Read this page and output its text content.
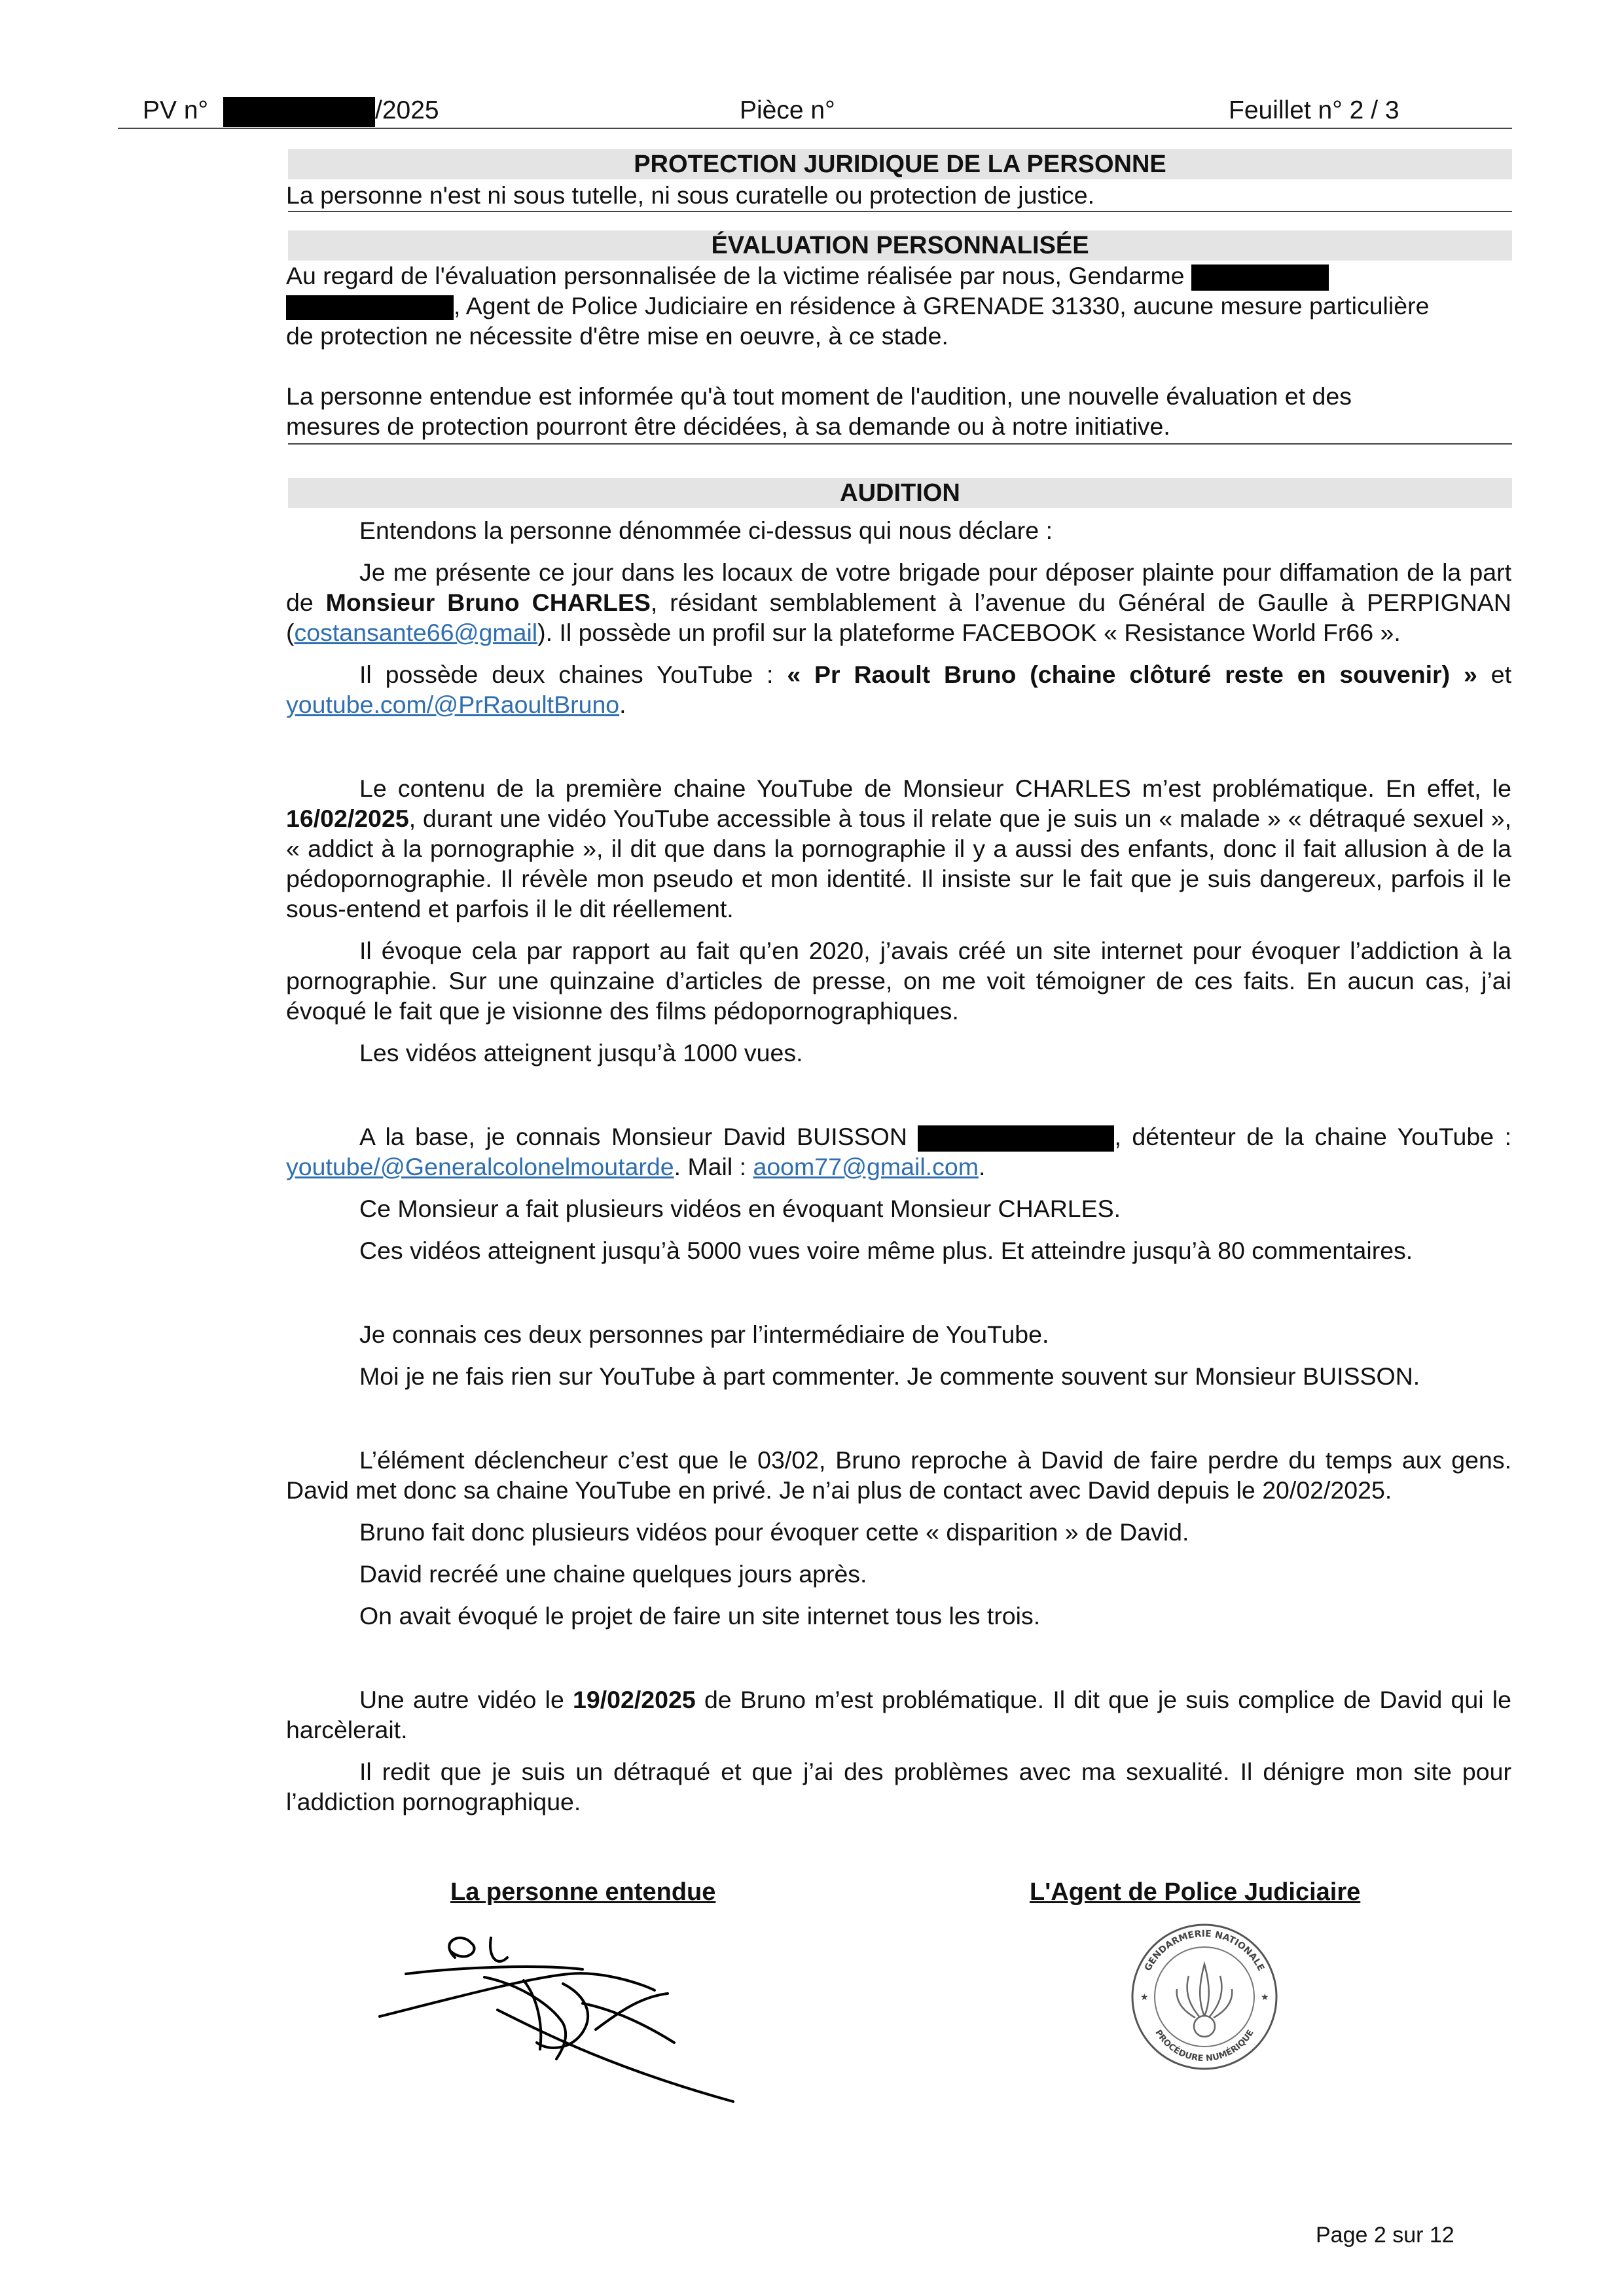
PV n°	/2025	Pièce n°	Feuillet n° 2 / 3
PROTECTION JURIDIQUE DE LA PERSONNE
La personne n'est ni sous tutelle, ni sous curatelle ou protection de justice.
ÉVALUATION PERSONNALISÉE

Au regard de l'évaluation personnalisée de la victime réalisée par nous, Gendarme

, Agent de Police Judiciaire en résidence à GRENADE 31330, aucune mesure particulière

de protection ne nécessite d'être mise en oeuvre, à ce stade.

La personne entendue est informée qu'à tout moment de l'audition, une nouvelle évaluation et des mesures de protection pourront être décidées, à sa demande ou à notre initiative.

AUDITION

Entendons la personne dénommée ci-dessus qui nous déclare :

Je me présente ce jour dans les locaux de votre brigade pour déposer plainte pour diffamation de la part de Monsieur Bruno CHARLES, résidant semblablement à l’avenue du Général de Gaulle à PERPIGNAN (costansante66@gmail). Il possède un profil sur la plateforme FACEBOOK « Resistance World Fr66 ».

Il possède deux chaines YouTube : « Pr Raoult Bruno (chaine clôturé reste en souvenir) » et youtube.com/@PrRaoultBruno.

Le contenu de la première chaine YouTube de Monsieur CHARLES m’est problématique. En effet, le 16/02/2025, durant une vidéo YouTube accessible à tous il relate que je suis un « malade » « détraqué sexuel », « addict à la pornographie », il dit que dans la pornographie il y a aussi des enfants, donc il fait allusion à de la pédopornographie. Il révèle mon pseudo et mon identité. Il insiste sur le fait que je suis dangereux, parfois il le sous-entend et parfois il le dit réellement.

Il évoque cela par rapport au fait qu’en 2020, j’avais créé un site internet pour évoquer l’addiction à la pornographie. Sur une quinzaine d’articles de presse, on me voit témoigner de ces faits. En aucun cas, j’ai évoqué le fait que je visionne des films pédopornographiques.

Les vidéos atteignent jusqu’à 1000 vues.

A la base, je connais Monsieur David BUISSON	, détenteur de la chaine YouTube : youtube/@Generalcolonelmoutarde. Mail : aoom77@gmail.com.

Ce Monsieur a fait plusieurs vidéos en évoquant Monsieur CHARLES.

Ces vidéos atteignent jusqu’à 5000 vues voire même plus. Et atteindre jusqu’à 80 commentaires.

Je connais ces deux personnes par l’intermédiaire de YouTube.

Moi je ne fais rien sur YouTube à part commenter. Je commente souvent sur Monsieur BUISSON.

L’élément déclencheur c’est que le 03/02, Bruno reproche à David de faire perdre du temps aux gens. David met donc sa chaine YouTube en privé. Je n’ai plus de contact avec David depuis le 20/02/2025.

Bruno fait donc plusieurs vidéos pour évoquer cette « disparition » de David.

David recréé une chaine quelques jours après.

On avait évoqué le projet de faire un site internet tous les trois.

Une autre vidéo le 19/02/2025 de Bruno m’est problématique. Il dit que je suis complice de David qui le harcèlerait.

Il redit que je suis un détraqué et que j’ai des problèmes avec ma sexualité. Il dénigre mon site pour l’addiction pornographique.

La personne entendue	L'Agent de Police Judiciaire
GENDARMERIE NATIONALE
PROCÉDURE NUMÉRIQUE
★	★
Page 2 sur 12
